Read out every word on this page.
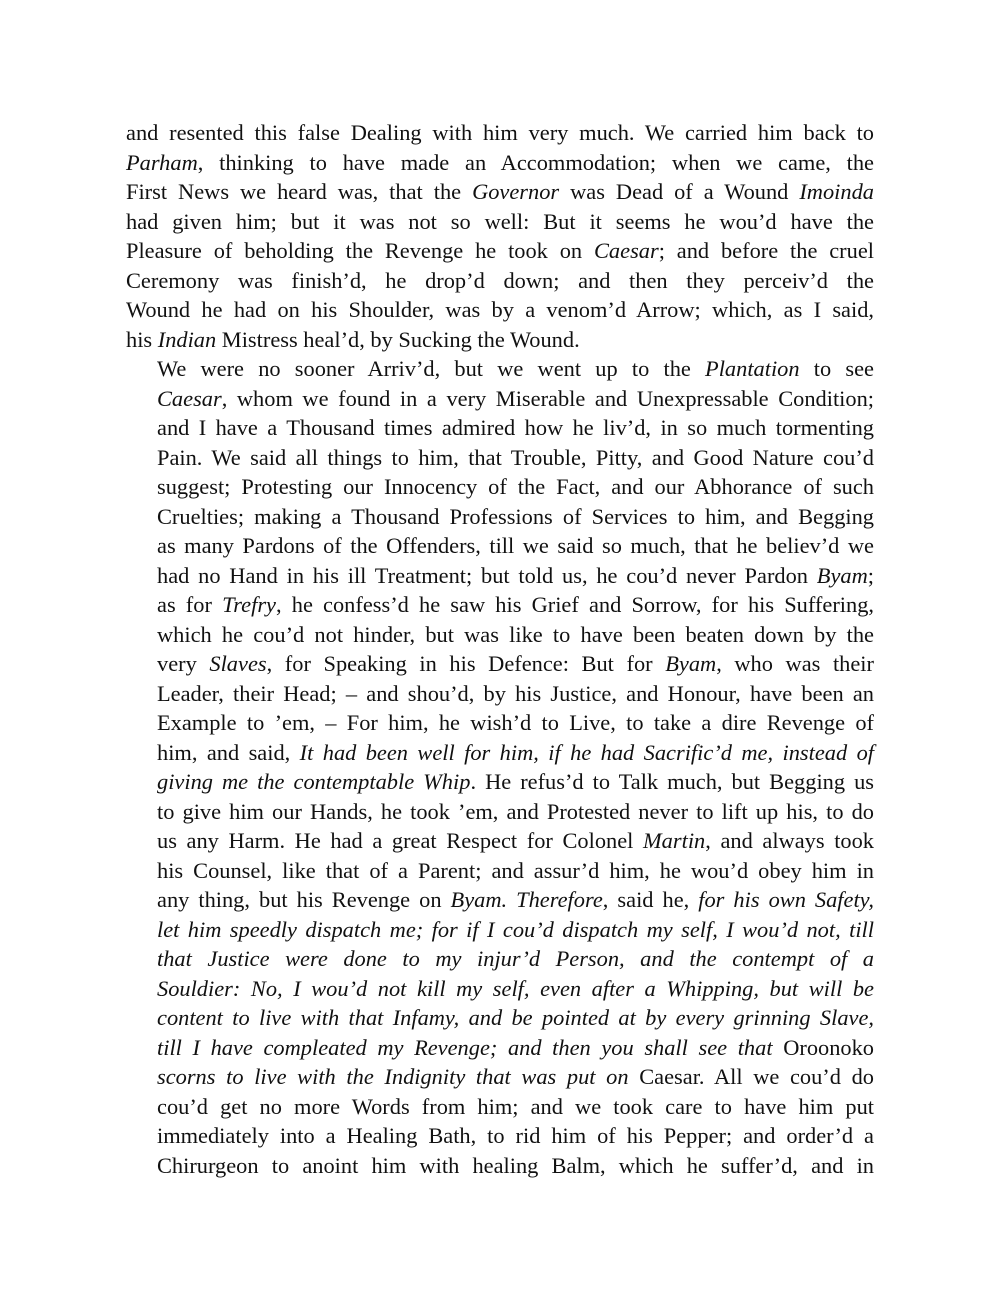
and resented this false Dealing with him very much. We carried him back to
Parham, thinking to have made an Accommodation; when we came, the
First News we heard was, that the Governor was Dead of a Wound Imoinda
had given him; but it was not so well: But it seems he wou’d have the
Pleasure of beholding the Revenge he took on Caesar; and before the cruel
Ceremony was finish’d, he drop’d down; and then they perceiv’d the
Wound he had on his Shoulder, was by a venom’d Arrow; which, as I said,
his Indian Mistress heal’d, by Sucking the Wound.
We were no sooner Arriv’d, but we went up to the Plantation to see
Caesar, whom we found in a very Miserable and Unexpressable Condition;
and I have a Thousand times admired how he liv’d, in so much tormenting
Pain. We said all things to him, that Trouble, Pitty, and Good Nature cou’d
suggest; Protesting our Innocency of the Fact, and our Abhorance of such
Cruelties; making a Thousand Professions of Services to him, and Begging
as many Pardons of the Offenders, till we said so much, that he believ’d we
had no Hand in his ill Treatment; but told us, he cou’d never Pardon Byam;
as for Trefry, he confess’d he saw his Grief and Sorrow, for his Suffering,
which he cou’d not hinder, but was like to have been beaten down by the
very Slaves, for Speaking in his Defence: But for Byam, who was their
Leader, their Head; – and shou’d, by his Justice, and Honour, have been an
Example to ’em, – For him, he wish’d to Live, to take a dire Revenge of
him, and said, It had been well for him, if he had Sacrific’d me, instead of
giving me the contemptable Whip. He refus’d to Talk much, but Begging us
to give him our Hands, he took ’em, and Protested never to lift up his, to do
us any Harm. He had a great Respect for Colonel Martin, and always took
his Counsel, like that of a Parent; and assur’d him, he wou’d obey him in
any thing, but his Revenge on Byam. Therefore, said he, for his own Safety,
let him speedly dispatch me; for if I cou’d dispatch my self, I wou’d not, till
that Justice were done to my injur’d Person, and the contempt of a
Souldier: No, I wou’d not kill my self, even after a Whipping, but will be
content to live with that Infamy, and be pointed at by every grinning Slave,
till I have compleated my Revenge; and then you shall see that Oroonoko
scorns to live with the Indignity that was put on Caesar. All we cou’d do
cou’d get no more Words from him; and we took care to have him put
immediately into a Healing Bath, to rid him of his Pepper; and order’d a
Chirurgeon to anoint him with healing Balm, which he suffer’d, and in
